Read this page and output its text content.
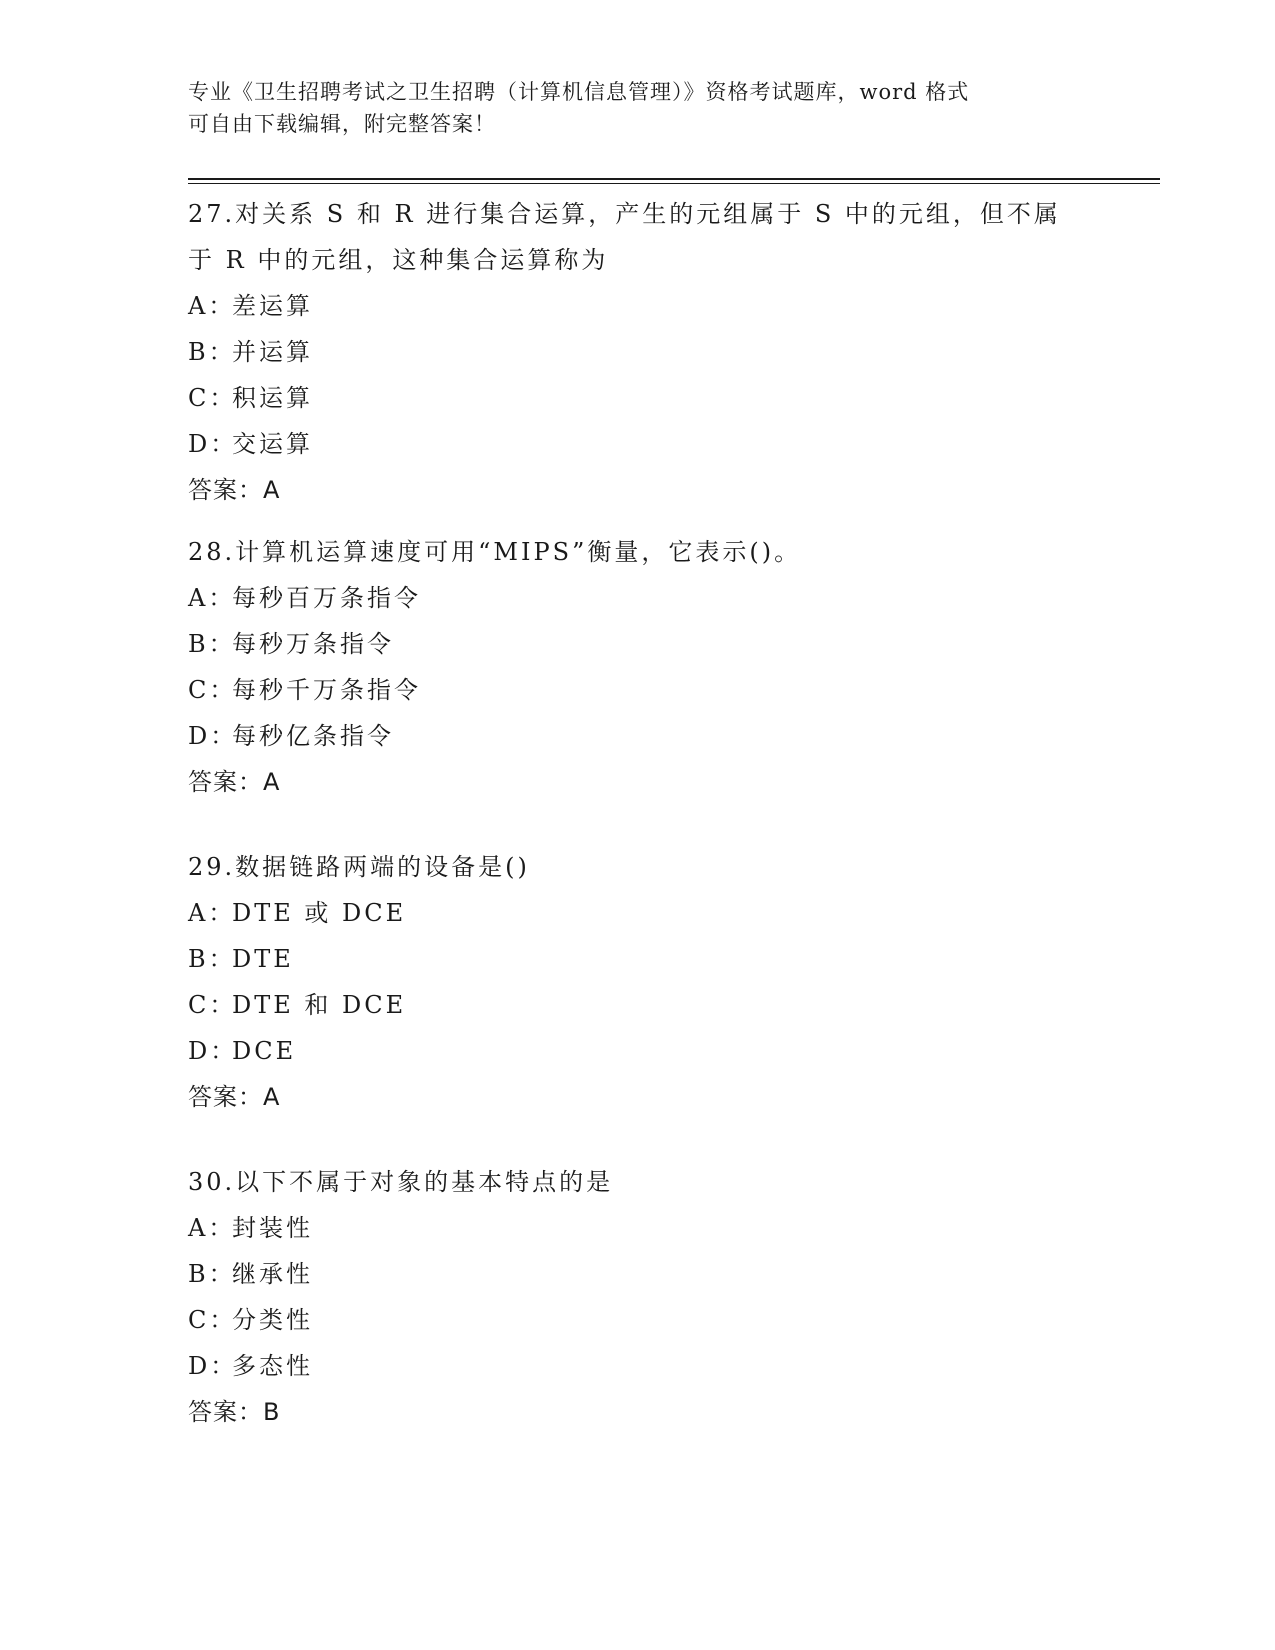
专业《卫生招聘考试之卫生招聘（计算机信息管理）》资格考试题库，word 格式
可自由下载编辑，附完整答案！
27.对关系 S 和 R 进行集合运算，产生的元组属于 S 中的元组，但不属
于 R 中的元组，这种集合运算称为
A：差运算
B：并运算
C：积运算
D：交运算
答案：A
28.计算机运算速度可用“MIPS”衡量，它表示()。
A：每秒百万条指令
B：每秒万条指令
C：每秒千万条指令
D：每秒亿条指令
答案：A
29.数据链路两端的设备是()
A：DTE 或 DCE
B：DTE
C：DTE 和 DCE
D：DCE
答案：A
30.以下不属于对象的基本特点的是
A：封装性
B：继承性
C：分类性
D：多态性
答案：B
